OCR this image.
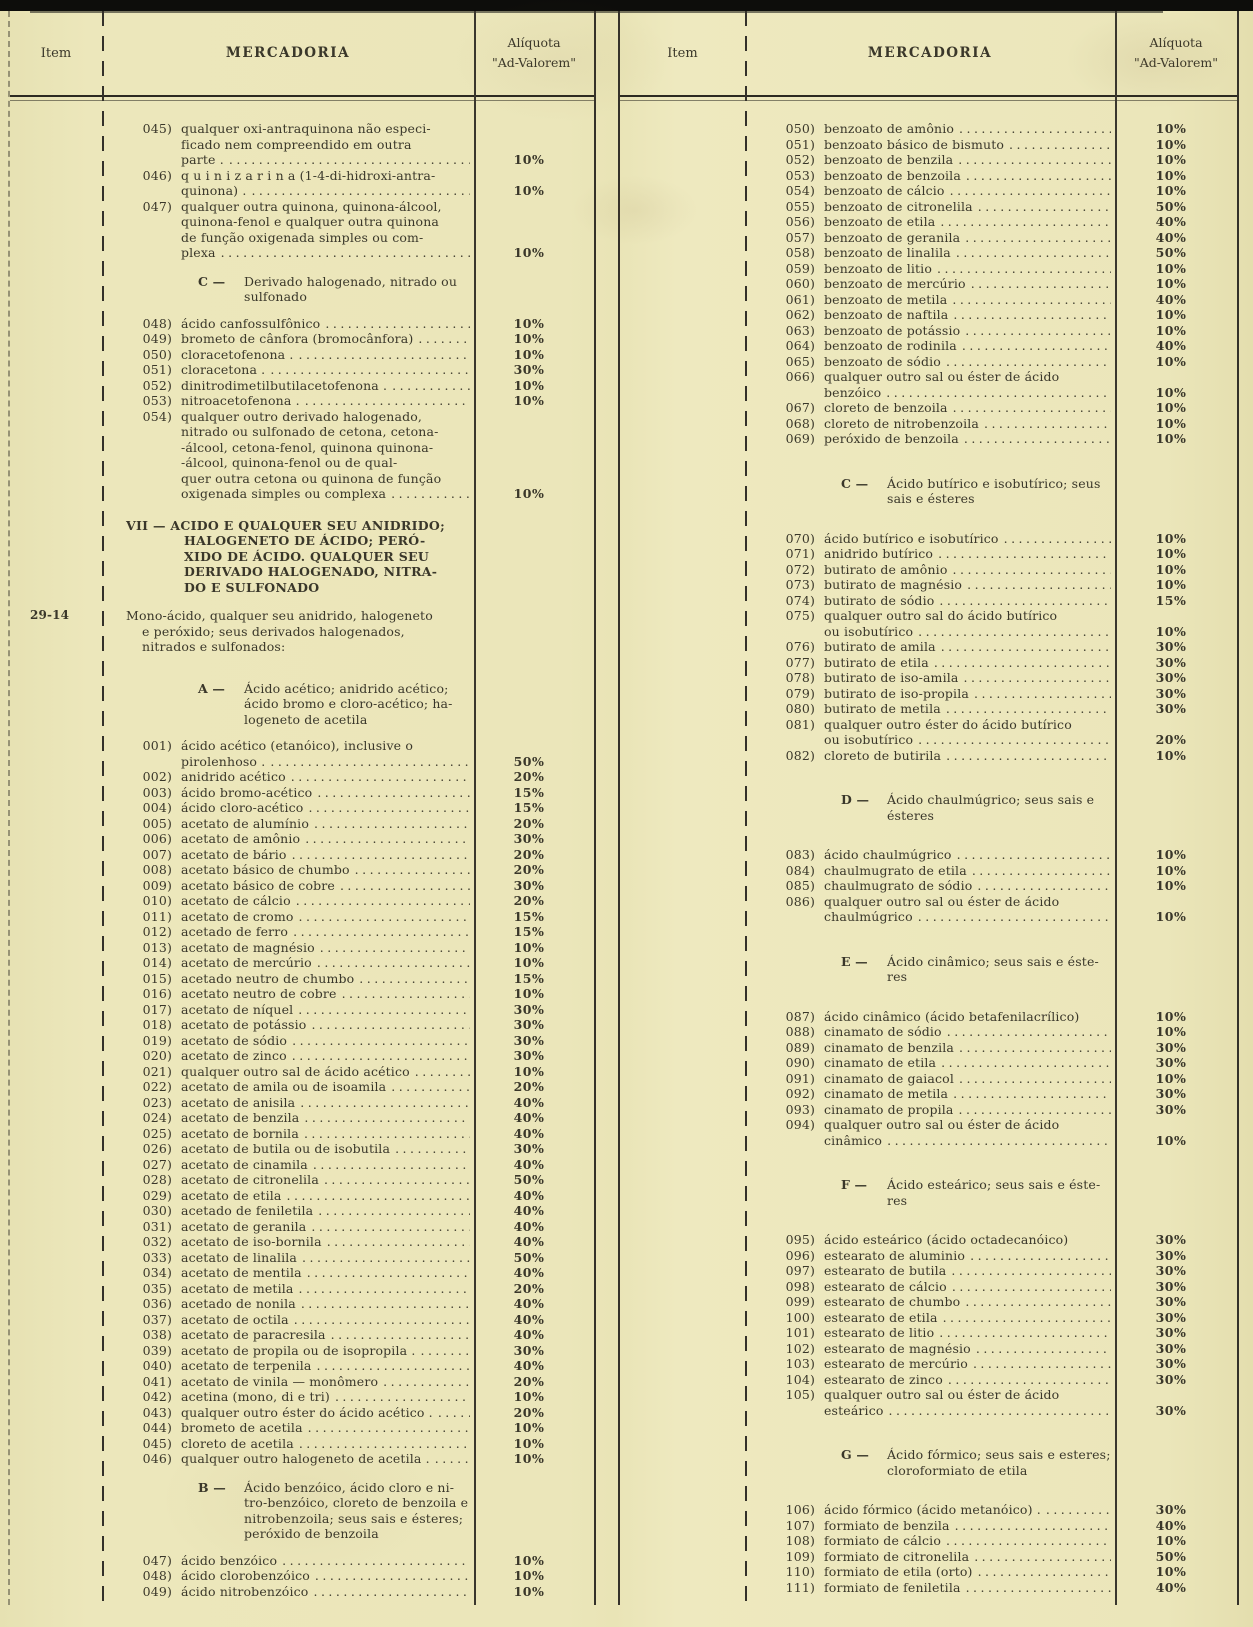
Item	MERCADORIA
Alíquota
"Ad-Valorem"
045) qualquer oxi-antraquinona não especi-
ficado nem compreendido em outra
parte . .....	10%
046) q u i n i z a r i n a (1-4-di-hidroxi-antra-
quinona) . .....	10%
047) qualquer outra quinona, quinona-álcool,
quinona-fenol e qualquer outra quinona
de função oxigenada simples ou com-
plexa .....	10%
C —	Derivado halogenado, nitrado ou
sulfonado
048) ácido canfossulfônico .....	10%
049) brometo de cânfora (bromocânfora) .....	10%
050) cloracetofenona . .....	10%
051) cloracetona . .....	30%
052) dinitrodimetilbutilacetofenona . .....	10%
053) nitroacetofenona . .....	10%
054) qualquer outro derivado halogenado,
nitrado ou sulfonado de cetona, cetona-
-álcool, cetona-fenol, quinona quinona-
-álcool, quinona-fenol ou de qual-
quer outra cetona ou quinona de função
oxigenada simples ou complexa .....	10%
VII — ACIDO E QUALQUER SEU ANIDRIDO;
HALOGENETO DE ÁCIDO; PERÓ-
XIDO DE ÁCIDO. QUALQUER SEU
DERIVADO HALOGENADO, NITRA-
DO E SULFONADO
29-14	Mono-ácido, qualquer seu anidrido, halogeneto
e peróxido; seus derivados halogenados,
nitrados e sulfonados:
A —	Ácido acético; anidrido acético;
ácido bromo e cloro-acético; ha-
logeneto de acetila
001) ácido acético (etanóico), inclusive o
pirolenhoso . .....	50%
002) anidrido acético .....	20%
003) ácido bromo-acético .....	15%
004) ácido cloro-acético .....	15%
005) acetato de alumínio .....	20%
006) acetato de amônio .....	30%
007) acetato de bário .....	20%
008) acetato básico de chumbo .....	20%
009) acetato básico de cobre .....	30%
010) acetato de cálcio .....	20%
011) acetato de cromo .....	15%
012) acetado de ferro .....	15%
013) acetato de magnésio .....	10%
014) acetato de mercúrio .....	10%
015) acetado neutro de chumbo .....	15%
016) acetato neutro de cobre .....	10%
017) acetato de níquel .....	30%
018) acetato de potássio .....	30%
019) acetato de sódio .....	30%
020) acetato de zinco .....	30%
021) qualquer outro sal de ácido acético .....	10%
022) acetato de amila ou de isoamila .....	20%
023) acetato de anisila .....	40%
024) acetato de benzila .....	40%
025) acetato de bornila .....	40%
026) acetato de butila ou de isobutila .....	30%
027) acetato de cinamila .....	40%
028) acetato de citronelila .....	50%
029) acetato de etila .....	40%
030) acetado de feniletila .....	40%
031) acetato de geranila .....	40%
032) acetato de iso-bornila .....	40%
033) acetato de linalila .....	50%
034) acetato de mentila .....	40%
035) acetato de metila .....	20%
036) acetado de nonila .....	40%
037) acetato de octila .....	40%
038) acetato de paracresila .....	40%
039) acetato de propila ou de isopropila . .....	30%
040) acetato de terpenila .....	40%
041) acetato de vinila — monômero .....	20%
042) acetina (mono, di e tri) .....	10%
043) qualquer outro éster do ácido acético . .....	20%
044) brometo de acetila .....	10%
045) cloreto de acetila .....	10%
046) qualquer outro halogeneto de acetila . .....	10%
B —	Ácido benzóico, ácido cloro e ni-
tro-benzóico, cloreto de benzoila e
nitrobenzoila; seus sais e ésteres;
peróxido de benzoila
047) ácido benzóico .....	10%
048) ácido clorobenzóico .....	10%
049) ácido nitrobenzóico .....	10%
Item	MERCADORIA
Alíquota
"Ad-Valorem"
050) benzoato de amônio .....	10%
051) benzoato básico de bismuto .....	10%
052) benzoato de benzila .....	10%
053) benzoato de benzoila .....	10%
054) benzoato de cálcio .....	10%
055) benzoato de citronelila .....	50%
056) benzoato de etila .....	40%
057) benzoato de geranila .....	40%
058) benzoato de linalila .....	50%
059) benzoato de litio .....	10%
060) benzoato de mercúrio .....	10%
061) benzoato de metila .....	40%
062) benzoato de naftila .....	10%
063) benzoato de potássio .....	10%
064) benzoato de rodinila .....	40%
065) benzoato de sódio .....	10%
066) qualquer outro sal ou éster de ácido
benzóico .....	10%
067) cloreto de benzoila .....	10%
068) cloreto de nitrobenzoila .....	10%
069) peróxido de benzoila .....	10%
C —	Ácido butírico e isobutírico; seus
sais e ésteres
070) ácido butírico e isobutírico .....	10%
071) anidrido butírico .....	10%
072) butirato de amônio .....	10%
073) butirato de magnésio .....	10%
074) butirato de sódio .....	15%
075) qualquer outro sal do ácido butírico
ou isobutírico .....	10%
076) butirato de amila .....	30%
077) butirato de etila .....	30%
078) butirato de iso-amila .....	30%
079) butirato de iso-propila .....	30%
080) butirato de metila .....	30%
081) qualquer outro éster do ácido butírico
ou isobutírico .....	20%
082) cloreto de butirila .....	10%
D —	Ácido chaulmúgrico; seus sais e
ésteres
083) ácido chaulmúgrico .....	10%
084) chaulmugrato de etila .....	10%
085) chaulmugrato de sódio .....	10%
086) qualquer outro sal ou éster de ácido
chaulmúgrico .....	10%
E —	Ácido cinâmico; seus sais e éste-
res
087) ácido cinâmico (ácido betafenilacrílico)	10%
088) cinamato de sódio .....	10%
089) cinamato de benzila .....	30%
090) cinamato de etila .....	30%
091) cinamato de gaiacol .....	10%
092) cinamato de metila .....	30%
093) cinamato de propila .....	30%
094) qualquer outro sal ou éster de ácido
cinâmico .....	10%
F —	Ácido esteárico; seus sais e éste-
res
095) ácido esteárico (ácido octadecanóico)	30%
096) estearato de aluminio .....	30%
097) estearato de butila .....	30%
098) estearato de cálcio .....	30%
099) estearato de chumbo .....	30%
100) estearato de etila .....	30%
101) estearato de litio .....	30%
102) estearato de magnésio .....	30%
103) estearato de mercúrio .....	30%
104) estearato de zinco .....	30%
105) qualquer outro sal ou éster de ácido
esteárico .....	30%
G —	Ácido fórmico; seus sais e esteres;
cloroformiato de etila
106) ácido fórmico (ácido metanóico) . .....	30%
107) formiato de benzila .....	40%
108) formiato de cálcio .....	10%
109) formiato de citronelila .....	50%
110) formiato de etila (orto) .....	10%
111) formiato de feniletila .....	40%
